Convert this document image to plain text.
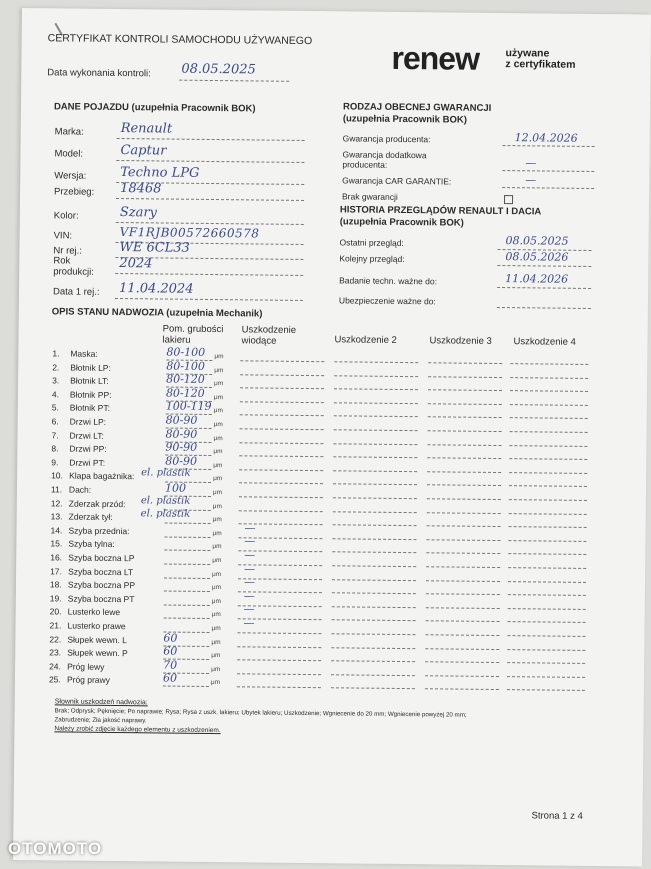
CERTYFIKAT KONTROLI SAMOCHODU UŻYWANEGO
renew	używane
z certyfikatem
Data wykonania kontroli: 08.05.2025
DANE POJAZDU (uzupełnia Pracownik BOK)
Marka:	Renault
Model:	Captur
Wersja:	Techno LPG
Przebieg: 18468
Kolor:	Szary
VIN:	VF1RJB00572660578
Nr rej.:	WE 6CL33
Rok
produkcji:
2024
Data 1 rej.: 11.04.2024
RODZAJ OBECNEJ GWARANCJI
(uzupełnia Pracownik BOK)
Gwarancja producenta:	12.04.2026
Gwarancja dodatkowa
producenta:	—
Gwarancja CAR GARANTIE:	—
Brak gwarancji
HISTORIA PRZEGLĄDÓW RENAULT I DACIA
(uzupełnia Pracownik BOK)
Ostatni przegląd:	08.05.2025
Kolejny przegląd:	08.05.2026
Badanie techn. ważne do:	11.04.2026
Ubezpieczenie ważne do:
OPIS STANU NADWOZIA (uzupełnia Mechanik)
Pom. grubości lakieru
Uszkodzenie wiodące	Uszkodzenie 2	Uszkodzenie 3 Uszkodzenie 4
1. Maska:	μm
80-100
2. Błotnik LP:	μm
80-100
3. Błotnik LT:	μm
80-120
4. Błotnik PP:	μm
80-120
5. Błotnik PT:	μm
100-119
6. Drzwi LP:	μm
80-90
7. Drzwi LT:	μm
80-90
8. Drzwi PP:	μm
90-90
9. Drzwi PT:	μm
80-90
10. Klapa bagażnika:	μm
el. plastik
11. Dach:	μm
100
12. Zderzak przód:	μm
el. plastik
13. Zderzak tył:	μm
el. plastik
14. Szyba przednia:	μm —
15. Szyba tylna:	μm —
16. Szyba boczna LP	μm —
17. Szyba boczna LT	μm —
18. Szyba boczna PP	μm —
19. Szyba boczna PT	μm —
20. Lusterko lewe	μm —
21. Lusterko prawe	μm —
22. Słupek wewn. L	μm
60
23. Słupek wewn. P	μm
60
24. Próg lewy	μm
70
25. Próg prawy	μm
60
Słownik uszkodzeń nadwozia:
Brak; Odprysk; Pęknięcie; Po naprawie; Rysa; Rysa z uszk. lakieru; Ubytek lakieru; Uszkodzenie; Wgniecenie do 20 mm; Wgniecenie powyżej 20 mm;
Zabrudzenie; Zła jakość naprawy.
Należy zrobić zdjęcie każdego elementu z uszkodzeniem.
Strona 1 z 4
OTOMOTO
